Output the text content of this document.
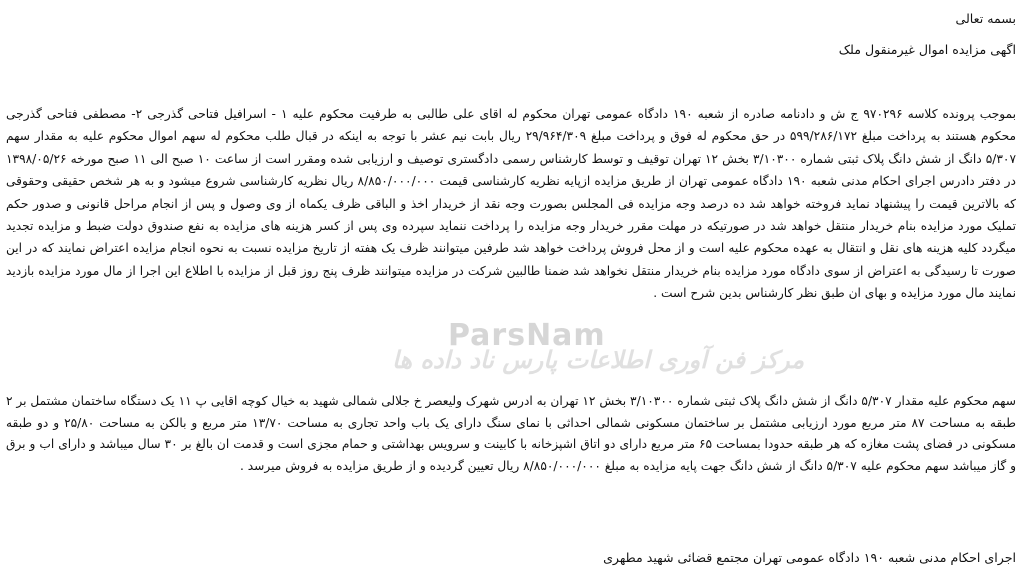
بسمه تعالی
اگهی مزایده اموال غیرمنقول ملک
بموجب پرونده کلاسه ۹۷۰۲۹۶ ج ش و دادنامه صادره از شعبه ۱۹۰ دادگاه عمومی تهران محکوم له اقای علی طالبی به طرفیت محکوم علیه ۱ - اسرافیل فتاحی گذرجی ۲- مصطفی فتاحی گذرجی محکوم هستند به پرداخت مبلغ ۵۹۹/۲۸۶/۱۷۲ در حق محکوم له فوق و پرداخت مبلغ ۲۹/۹۶۴/۳۰۹ ریال بابت نیم عشر با توجه به اینکه در قبال طلب محکوم له سهم اموال محکوم علیه به مقدار سهم ۵/۳۰۷ دانگ از شش دانگ پلاک ثبتی شماره ۳/۱۰۳۰۰ بخش ۱۲ تهران توقیف و توسط کارشناس رسمی دادگستری توصیف و ارزیابی شده ومقرر است از ساعت ۱۰ صبح الی ۱۱ صبح مورخه ۱۳۹۸/۰۵/۲۶ در دفتر دادرس اجرای احکام مدنی شعبه ۱۹۰ دادگاه عمومی تهران از طریق مزایده ازپایه نظریه کارشناسی قیمت ۸/۸۵۰/۰۰۰/۰۰۰ ریال نظریه کارشناسی شروع میشود و به هر شخص حقیقی وحقوقی که بالاترین قیمت را پیشنهاد نماید فروخته خواهد شد ده درصد وجه مزایده فی المجلس بصورت وجه نقد از خریدار اخذ و الباقی ظرف یکماه از وی وصول و پس از انجام مراحل قانونی و صدور حکم تملیک مورد مزایده بنام خریدار منتقل خواهد شد در صورتیکه در مهلت مقرر خریدار وجه مزایده را پرداخت ننماید سپرده وی پس از کسر هزینه های مزایده به نفع صندوق دولت ضبط و مزایده تجدید میگردد کلیه هزینه های نقل و انتقال به عهده محکوم علیه است و از محل فروش پرداخت خواهد شد طرفین میتوانند ظرف یک هفته از تاریخ مزایده نسبت به نحوه انجام مزایده اعتراض نمایند که در این صورت تا رسیدگی به اعتراض از سوی دادگاه مورد مزایده بنام خریدار منتقل نخواهد شد ضمنا طالبین شرکت در مزایده میتوانند ظرف پنج روز قبل از مزایده با اطلاع این اجرا از مال مورد مزایده بازدید نمایند مال مورد مزایده و بهای ان طبق نظر کارشناس بدین شرح است .
سهم محکوم علیه مقدار ۵/۳۰۷ دانگ از شش دانگ پلاک ثبتی شماره ۳/۱۰۳۰۰ بخش ۱۲ تهران به ادرس شهرک ولیعصر خ جلالی شمالی شهید به خیال کوچه اقایی پ ۱۱ یک دستگاه ساختمان مشتمل بر ۲ طبقه به مساحت ۸۷ متر مربع مورد ارزیابی مشتمل بر ساختمان مسکونی شمالی احداثی با نمای سنگ دارای یک باب واحد تجاری به مساحت ۱۳/۷۰ متر مربع و بالکن به مساحت ۲۵/۸۰ و دو طبقه مسکونی در فضای پشت مغازه که هر طبقه حدودا بمساحت ۶۵ متر مربع دارای دو اتاق اشپزخانه با کابینت و سرویس بهداشتی و حمام مجزی است و قدمت ان بالغ بر ۳۰ سال میباشد و دارای اب و برق و گاز میباشد سهم محکوم علیه ۵/۳۰۷ دانگ از شش دانگ جهت پایه مزایده به مبلغ ۸/۸۵۰/۰۰۰/۰۰۰ ریال تعیین گردیده و از طریق مزایده به فروش میرسد .
اجرای احکام مدنی شعبه ۱۹۰ دادگاه عمومی تهران مجتمع قضائی شهید مطهری
ParsNam
مرکز فن آوری اطلاعات پارس ناد داده ها
